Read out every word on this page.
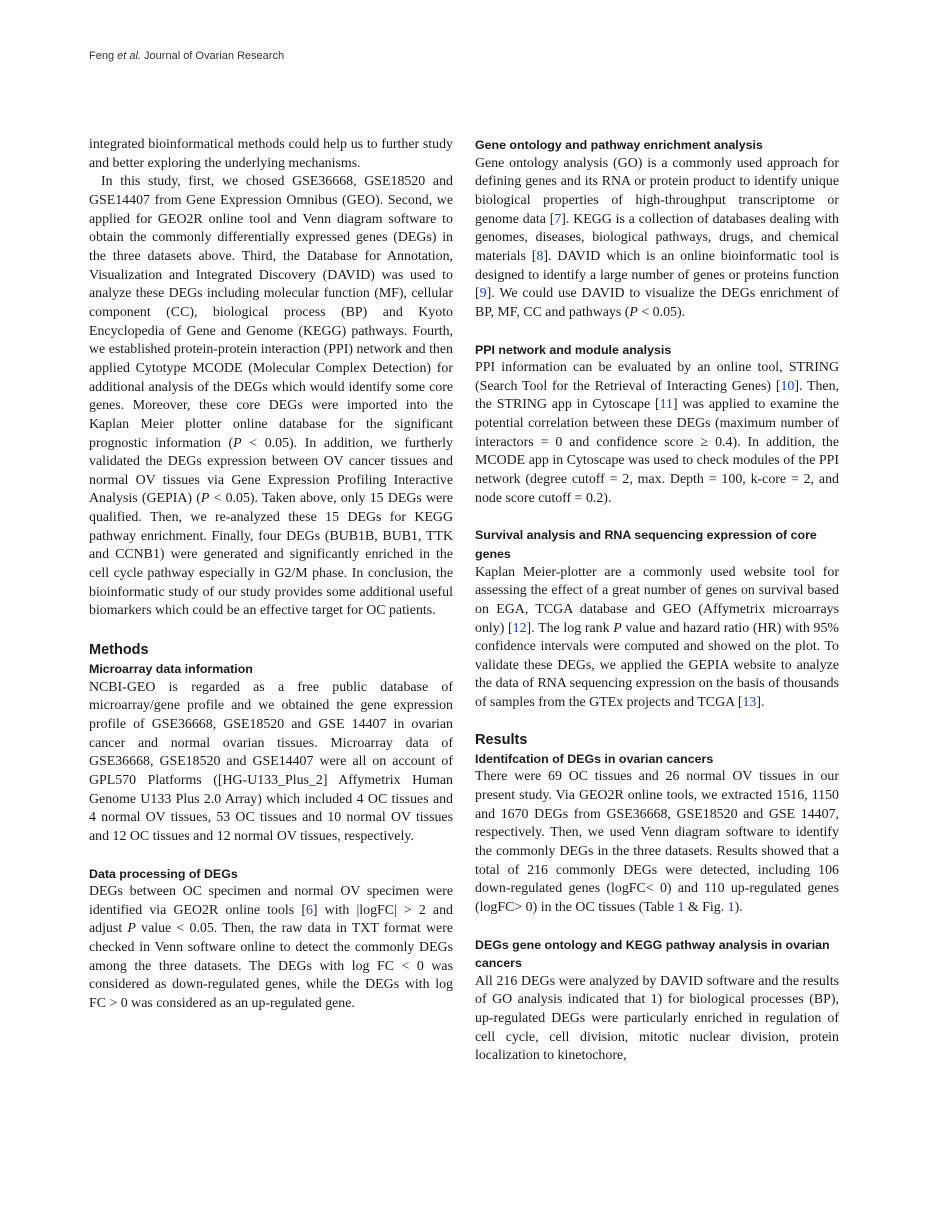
Feng et al. Journal of Ovarian Research

integrated bioinformatical methods could help us to further study and better exploring the underlying mechanisms.

In this study, first, we chosed GSE36668, GSE18520 and GSE14407 from Gene Expression Omnibus (GEO). Second, we applied for GEO2R online tool and Venn diagram software to obtain the commonly differentially expressed genes (DEGs) in the three datasets above. Third, the Database for Annotation, Visualization and Integrated Discovery (DAVID) was used to analyze these DEGs including molecular function (MF), cellular component (CC), biological process (BP) and Kyoto Encyclopedia of Gene and Genome (KEGG) pathways. Fourth, we established protein-protein interaction (PPI) network and then applied Cytotype MCODE (Molecular Complex Detection) for additional analysis of the DEGs which would identify some core genes. Moreover, these core DEGs were imported into the Kaplan Meier plotter online database for the significant prognostic information (P < 0.05). In addition, we furtherly validated the DEGs expression between OV cancer tissues and normal OV tissues via Gene Expression Profiling Interactive Analysis (GEPIA) (P < 0.05). Taken above, only 15 DEGs were qualified. Then, we re-analyzed these 15 DEGs for KEGG pathway enrichment. Finally, four DEGs (BUB1B, BUB1, TTK and CCNB1) were generated and significantly enriched in the cell cycle pathway especially in G2/M phase. In conclusion, the bioinformatic study of our study provides some additional useful biomarkers which could be an effective target for OC patients.

Methods
Microarray data information

NCBI-GEO is regarded as a free public database of microarray/gene profile and we obtained the gene expression profile of GSE36668, GSE18520 and GSE 14407 in ovarian cancer and normal ovarian tissues. Microarray data of GSE36668, GSE18520 and GSE14407 were all on account of GPL570 Platforms ([HG-U133_Plus_2] Affymetrix Human Genome U133 Plus 2.0 Array) which included 4 OC tissues and 4 normal OV tissues, 53 OC tissues and 10 normal OV tissues and 12 OC tissues and 12 normal OV tissues, respectively.

Data processing of DEGs

DEGs between OC specimen and normal OV specimen were identified via GEO2R online tools [6] with |logFC| > 2 and adjust P value < 0.05. Then, the raw data in TXT format were checked in Venn software online to detect the commonly DEGs among the three datasets. The DEGs with log FC < 0 was considered as down-regulated genes, while the DEGs with log FC > 0 was considered as an up-regulated gene.

Gene ontology and pathway enrichment analysis

Gene ontology analysis (GO) is a commonly used approach for defining genes and its RNA or protein product to identify unique biological properties of high-throughput transcriptome or genome data [7]. KEGG is a collection of databases dealing with genomes, diseases, biological pathways, drugs, and chemical materials [8]. DAVID which is an online bioinformatic tool is designed to identify a large number of genes or proteins function [9]. We could use DAVID to visualize the DEGs enrichment of BP, MF, CC and pathways (P < 0.05).

PPI network and module analysis

PPI information can be evaluated by an online tool, STRING (Search Tool for the Retrieval of Interacting Genes) [10]. Then, the STRING app in Cytoscape [11] was applied to examine the potential correlation between these DEGs (maximum number of interactors = 0 and confidence score ≥ 0.4). In addition, the MCODE app in Cytoscape was used to check modules of the PPI network (degree cutoff = 2, max. Depth = 100, k-core = 2, and node score cutoff = 0.2).

Survival analysis and RNA sequencing expression of core genes

Kaplan Meier-plotter are a commonly used website tool for assessing the effect of a great number of genes on survival based on EGA, TCGA database and GEO (Affymetrix microarrays only) [12]. The log rank P value and hazard ratio (HR) with 95% confidence intervals were computed and showed on the plot. To validate these DEGs, we applied the GEPIA website to analyze the data of RNA sequencing expression on the basis of thousands of samples from the GTEx projects and TCGA [13].

Results
Identifcation of DEGs in ovarian cancers

There were 69 OC tissues and 26 normal OV tissues in our present study. Via GEO2R online tools, we extracted 1516, 1150 and 1670 DEGs from GSE36668, GSE18520 and GSE 14407, respectively. Then, we used Venn diagram software to identify the commonly DEGs in the three datasets. Results showed that a total of 216 commonly DEGs were detected, including 106 down-regulated genes (logFC< 0) and 110 up-regulated genes (logFC> 0) in the OC tissues (Table 1 & Fig. 1).

DEGs gene ontology and KEGG pathway analysis in ovarian cancers

All 216 DEGs were analyzed by DAVID software and the results of GO analysis indicated that 1) for biological processes (BP), up-regulated DEGs were particularly enriched in regulation of cell cycle, cell division, mitotic nuclear division, protein localization to kinetochore,
